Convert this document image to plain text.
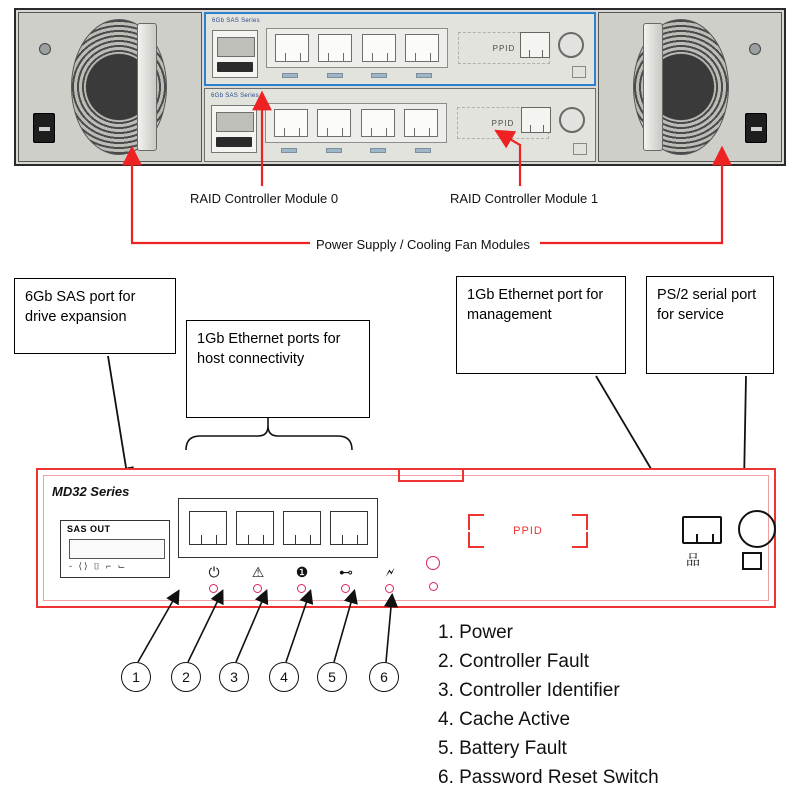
6Gb SAS Series
PPID
6Gb SAS Series
PPID
RAID Controller Module 0	RAID Controller Module 1
Power Supply / Cooling Fan Modules
6Gb SAS port for drive expansion
1Gb Ethernet ports for host connectivity
1Gb Ethernet port for management
PS/2 serial port for service
MD32 Series
SAS OUT
- ⟨⟩ ⌷ ⌐ ⌙	⏻	⚠ ❶ ⊷	🗲
PPID
品
1	2	3	4	5	6
1. Power
2. Controller Fault
3. Controller Identifier
4. Cache Active
5. Battery Fault
6. Password Reset Switch
